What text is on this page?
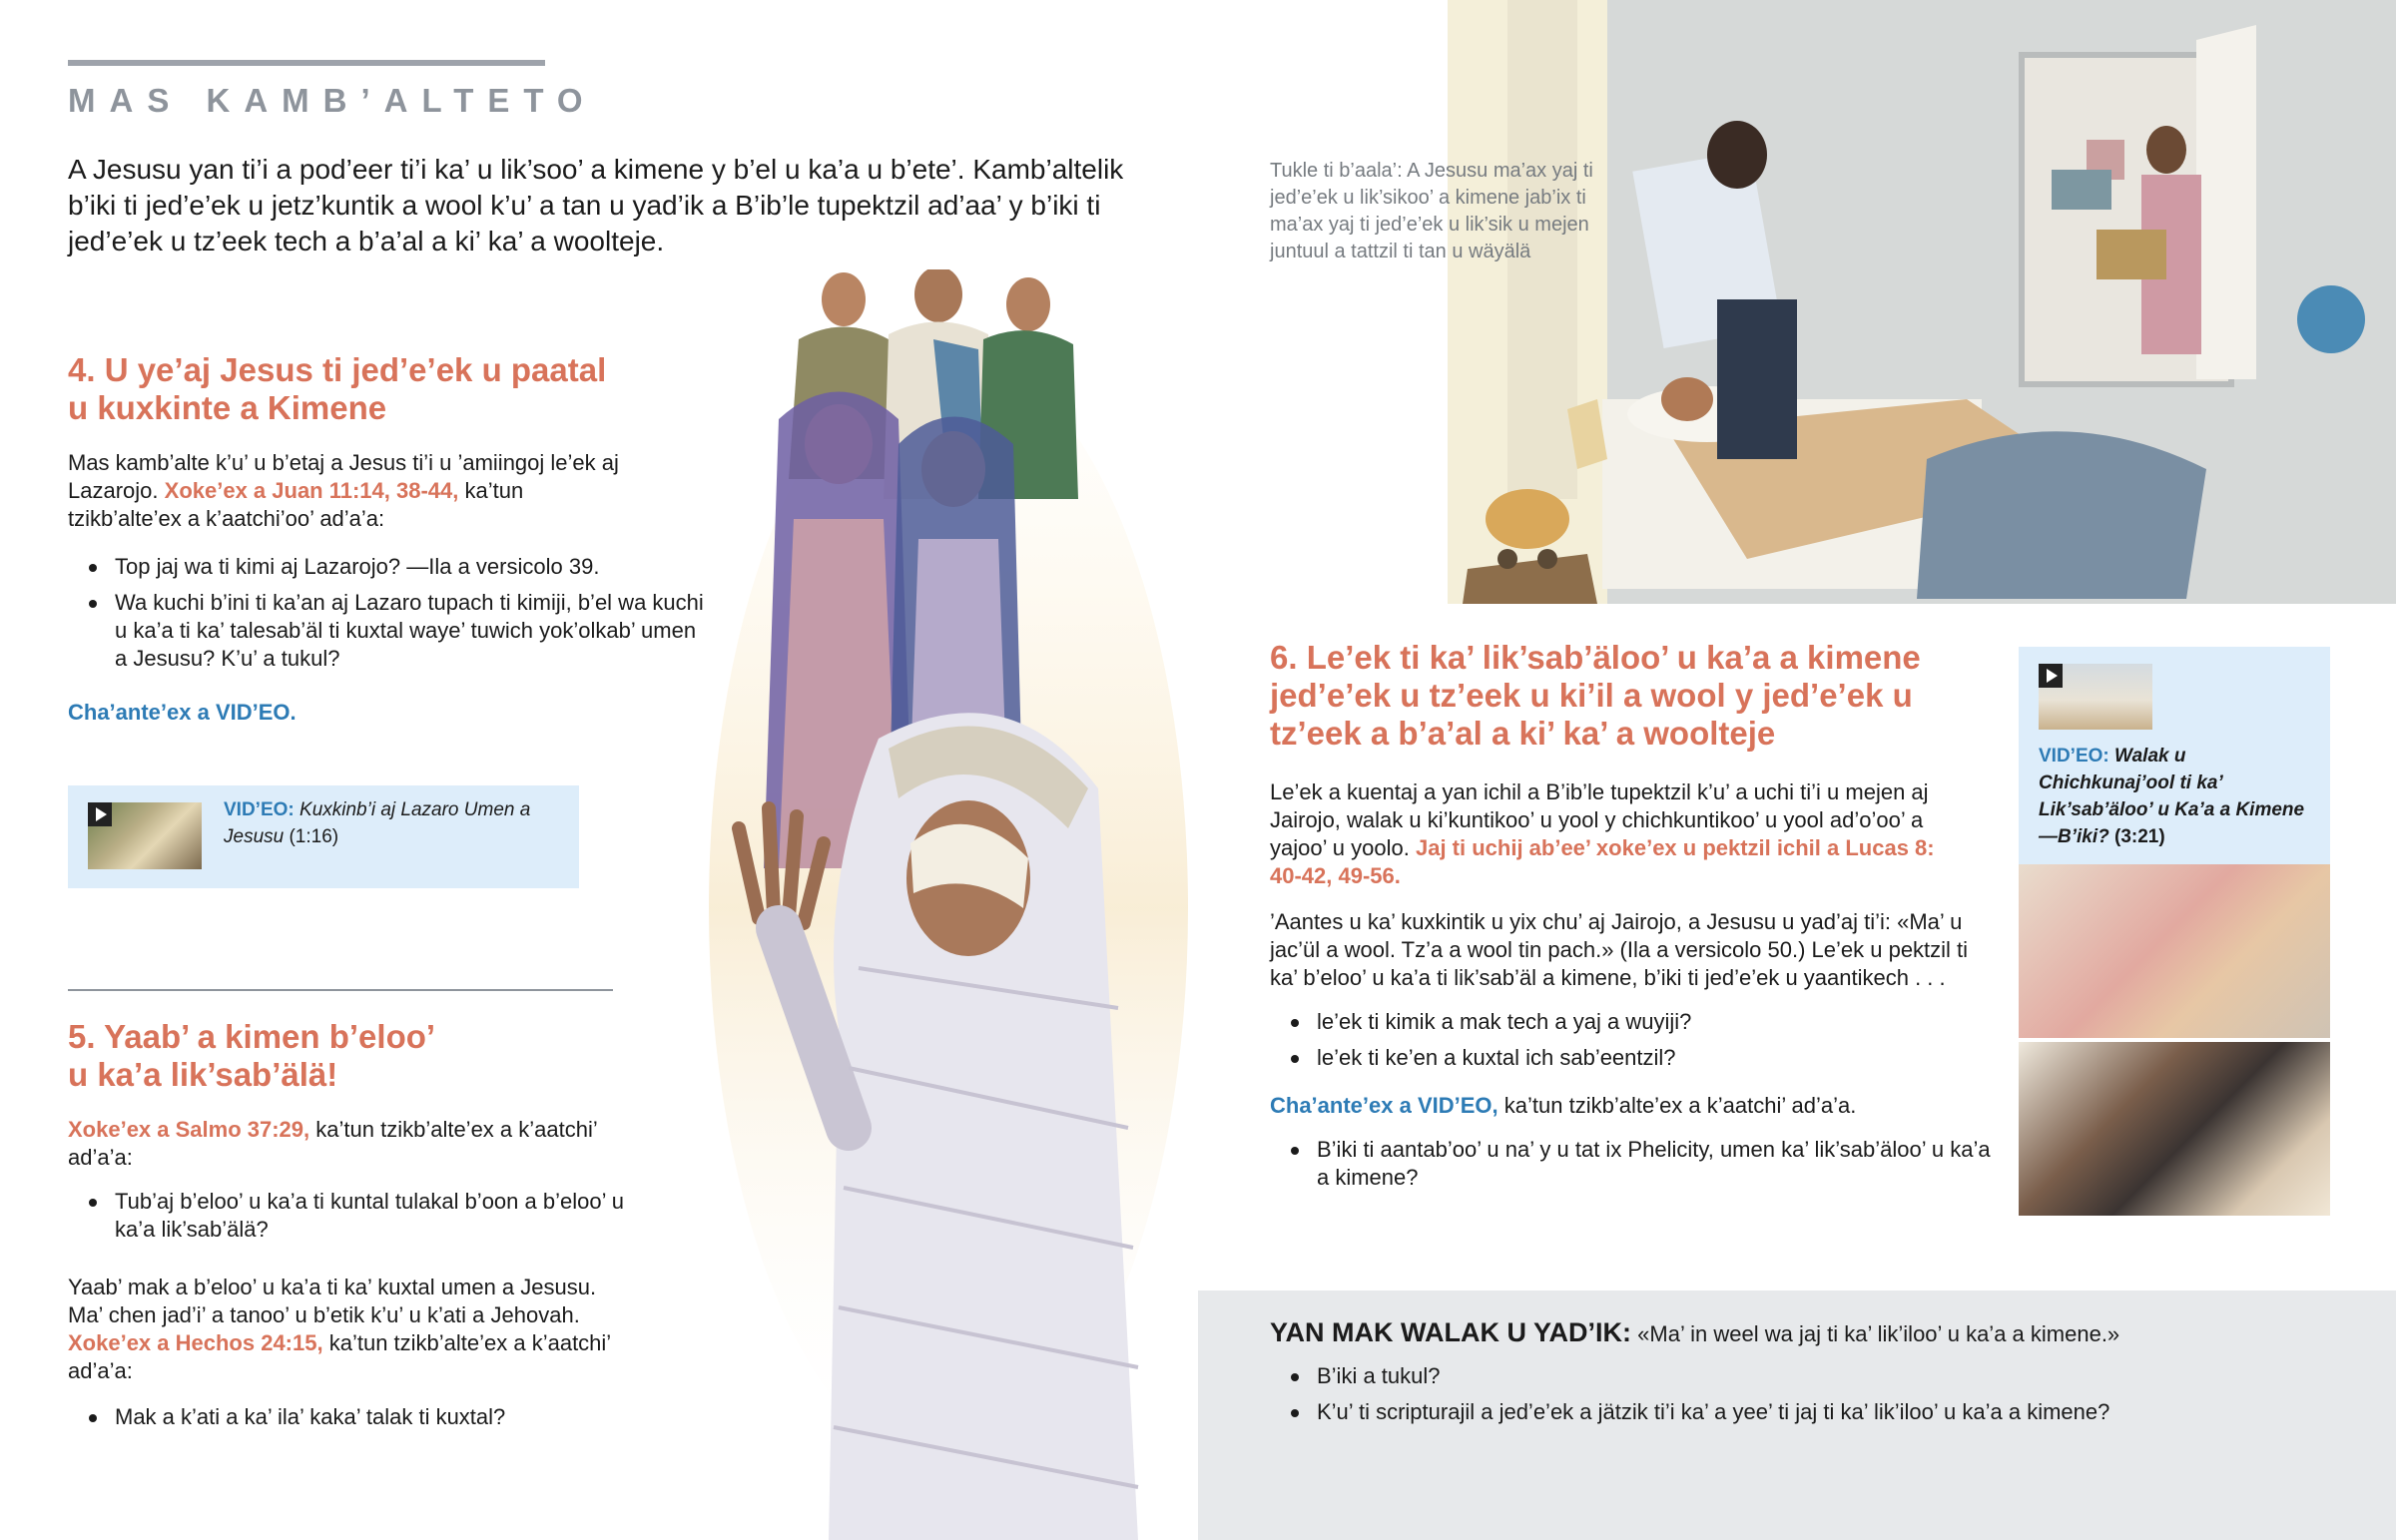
MAS KAMB’ALTETO
A Jesusu yan ti’i a pod’eer ti’i ka’ u lik’soo’ a kimene y b’el u ka’a u b’ete’. Kamb’altelik b’iki ti jed’e’ek u jetz’kuntik a wool k’u’ a tan u yad’ik a B’ib’le tupektzil ad’aa’ y b’iki ti jed’e’ek u tz’eek tech a b’a’al a ki’ ka’ a woolteje.
4. U ye’aj Jesus ti jed’e’ek u paatal
u kuxkinte a Kimene
Mas kamb’alte k’u’ u b’etaj a Jesus ti’i u ’amiingoj le’ek aj Lazarojo. Xoke’ex a Juan 11:14, 38-44, ka’tun tzikb’alte’ex a k’aatchi’oo’ ad’a’a:
Top jaj wa ti kimi aj Lazarojo? —Ila a versicolo 39.
Wa kuchi b’ini ti ka’an aj Lazaro tupach ti kimiji, b’el wa kuchi u ka’a ti ka’ talesab’äl ti kuxtal waye’ tuwich yok’olkab’ umen a Jesusu? K’u’ a tukul?
Cha’ante’ex a VID’EO.
VID’EO: Kuxkinb’i aj Lazaro Umen a Jesusu (1:16)
5. Yaab’ a kimen b’eloo’
u ka’a lik’sab’älä!
Xoke’ex a Salmo 37:29, ka’tun tzikb’alte’ex a k’aatchi’ ad’a’a:
Tub’aj b’eloo’ u ka’a ti kuntal tulakal b’oon a b’eloo’ u ka’a lik’sab’älä?
Yaab’ mak a b’eloo’ u ka’a ti ka’ kuxtal umen a Jesusu. Ma’ chen jad’i’ a tanoo’ u b’etik k’u’ u k’ati a Jehovah. Xoke’ex a Hechos 24:15, ka’tun tzikb’alte’ex a k’aatchi’ ad’a’a:
Mak a k’ati a ka’ ila’ kaka’ talak ti kuxtal?
Tukle ti b’aala’: A Jesusu ma’ax yaj ti jed’e’ek u lik’sikoo’ a kimene jab’ix ti ma’ax yaj ti jed’e’ek u lik’sik u mejen juntuul a tattzil ti tan u wäyälä
6. Le’ek ti ka’ lik’sab’äloo’ u ka’a a kimene jed’e’ek u tz’eek u ki’il a wool y jed’e’ek u tz’eek a b’a’al a ki’ ka’ a woolteje
Le’ek a kuentaj a yan ichil a B’ib’le tupektzil k’u’ a uchi ti’i u mejen aj Jairojo, walak u ki’kuntikoo’ u yool y chichkuntikoo’ u yool ad’o’oo’ a yajoo’ u yoolo. Jaj ti uchij ab’ee’ xoke’ex u pektzil ichil a Lucas 8: 40-42, 49-56.
’Aantes u ka’ kuxkintik u yix chu’ aj Jairojo, a Jesusu u yad’aj ti’i: «Ma’ u jac’ül a wool. Tz’a a wool tin pach.» (Ila a versicolo 50.) Le’ek u pektzil ti ka’ b’eloo’ u ka’a ti lik’sab’äl a kimene, b’iki ti jed’e’ek u yaantikech . . .
le’ek ti kimik a mak tech a yaj a wuyiji?
le’ek ti ke’en a kuxtal ich sab’eentzil?
Cha’ante’ex a VID’EO, ka’tun tzikb’alte’ex a k’aatchi’ ad’a’a.
B’iki ti aantab’oo’ u na’ y u tat ix Phelicity, umen ka’ lik’sab’äloo’ u ka’a a kimene?
VID’EO: Walak u Chichkunaj’ool ti ka’ Lik’sab’äloo’ u Ka’a a Kimene —B’iki? (3:21)
YAN MAK WALAK U YAD’IK: «Ma’ in weel wa jaj ti ka’ lik’iloo’ u ka’a a kimene.»
B’iki a tukul?
K’u’ ti scripturajil a jed’e’ek a jätzik ti’i ka’ a yee’ ti jaj ti ka’ lik’iloo’ u ka’a a kimene?
